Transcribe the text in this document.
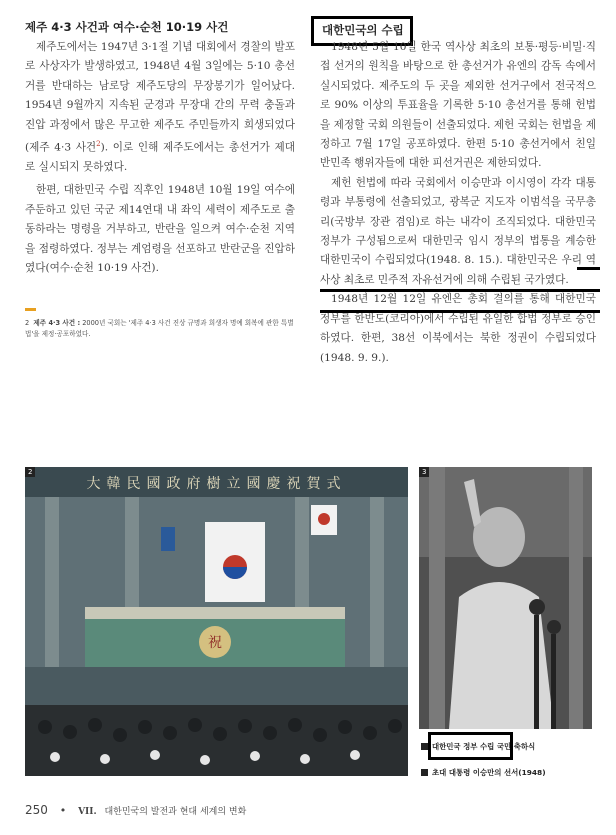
제주 4·3 사건과 여수·순천 10·19 사건

제주도에서는 1947년 3·1절 기념 대회에서 경찰의 발포로 사상자가 발생하였고, 1948년 4월 3일에는 5·10 총선거를 반대하는 남로당 제주도당의 무장봉기가 일어났다. 1954년 9월까지 지속된 군경과 무장대 간의 무력 충돌과 진압 과정에서 많은 무고한 제주도 주민들까지 희생되었다(제주 4·3 사건$^2$). 이로 인해 제주도에서는 총선거가 제대로 실시되지 못하였다.

한편, 대한민국 수립 직후인 1948년 10월 19일 여수에 주둔하고 있던 국군 제14연대 내 좌익 세력이 제주도로 출동하라는 명령을 거부하고, 반란을 일으켜 여수·순천 지역을 점령하였다. 정부는 계엄령을 선포하고 반란군을 진압하였다(여수·순천 10·19 사건).

2 제주 4·3 사건 : 2000년 국회는 '제주 4·3 사건 진상 규명과 희생자 명예 회복에 관한 특별법'을 제정·공포하였다.
대한민국의 수립

1948년 5월 10일 한국 역사상 최초의 보통·평등·비밀·직접 선거의 원칙을 바탕으로 한 총선거가 유엔의 감독 속에서 실시되었다. 제주도의 두 곳을 제외한 선거구에서 전국적으로 90% 이상의 투표율을 기록한 5·10 총선거를 통해 헌법을 제정할 국회 의원들이 선출되었다. 제헌 국회는 헌법을 제정하고 7월 17일 공포하였다. 한편 5·10 총선거에서 친일 반민족 행위자들에 대한 피선거권은 제한되었다.

제헌 헌법에 따라 국회에서 이승만과 이시영이 각각 대통령과 부통령에 선출되었고, 광복군 지도자 이범석을 국무총리(국방부 장관 겸임)로 하는 내각이 조직되었다. 대한민국 정부가 구성됨으로써 대한민국 임시 정부의 법통을 계승한 대한민국이 수립되었다(1948. 8. 15.). 대한민국은 우리 역사상 최초로 민주적 자유선거에 의해 수립된 국가였다.

1948년 12월 12일 유엔은 총회 결의를 통해 대한민국 정부를 한반도(코리아)에서 수립된 유일한 합법 정부로 승인하였다. 한편, 38선 이북에서는 북한 정권이 수립되었다(1948. 9. 9.).

祝
大韓民國政府樹立國慶祝賀式
2	3
대한민국 정부 수립 국민 축하식
초대 대통령 이승만의 선서(1948)
250 • VII. 대한민국의 발전과 현대 세계의 변화
